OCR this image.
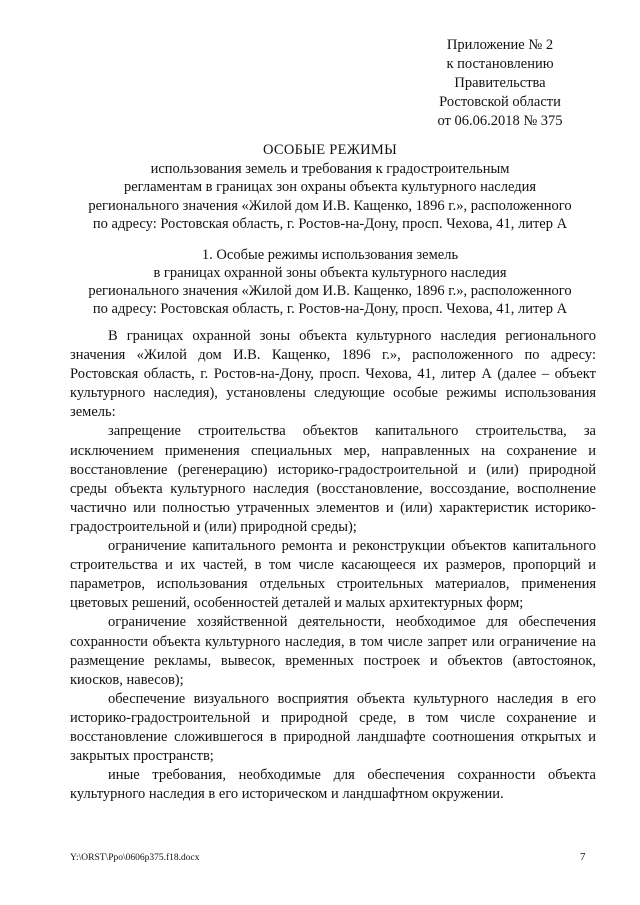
Приложение № 2
к постановлению
Правительства
Ростовской области
от 06.06.2018 № 375
ОСОБЫЕ РЕЖИМЫ
использования земель и требования к градостроительным
регламентам в границах зон охраны объекта культурного наследия
регионального значения «Жилой дом И.В. Кащенко, 1896 г.», расположенного
по адресу: Ростовская область, г. Ростов-на-Дону, просп. Чехова, 41, литер А
1. Особые режимы использования земель
в границах охранной зоны объекта культурного наследия
регионального значения «Жилой дом И.В. Кащенко, 1896 г.», расположенного
по адресу: Ростовская область, г. Ростов-на-Дону, просп. Чехова, 41, литер А

В границах охранной зоны объекта культурного наследия регионального значения «Жилой дом И.В. Кащенко, 1896 г.», расположенного по адресу: Ростовская область, г. Ростов-на-Дону, просп. Чехова, 41, литер А (далее – объект культурного наследия), установлены следующие особые режимы использования земель:

запрещение строительства объектов капитального строительства, за исключением применения специальных мер, направленных на сохранение и восстановление (регенерацию) историко-градостроительной и (или) природной среды объекта культурного наследия (восстановление, воссоздание, восполнение частично или полностью утраченных элементов и (или) характеристик историко-градостроительной и (или) природной среды);

ограничение капитального ремонта и реконструкции объектов капитального строительства и их частей, в том числе касающееся их размеров, пропорций и параметров, использования отдельных строительных материалов, применения цветовых решений, особенностей деталей и малых архитектурных форм;

ограничение хозяйственной деятельности, необходимое для обеспечения сохранности объекта культурного наследия, в том числе запрет или ограничение на размещение рекламы, вывесок, временных построек и объектов (автостоянок, киосков, навесов);

обеспечение визуального восприятия объекта культурного наследия в его историко-градостроительной и природной среде, в том числе сохранение и восстановление сложившегося в природной ландшафте соотношения открытых и закрытых пространств;

иные требования, необходимые для обеспечения сохранности объекта культурного наследия в его историческом и ландшафтном окружении.

Y:\ORST\Ppo\0606p375.f18.docx	7
